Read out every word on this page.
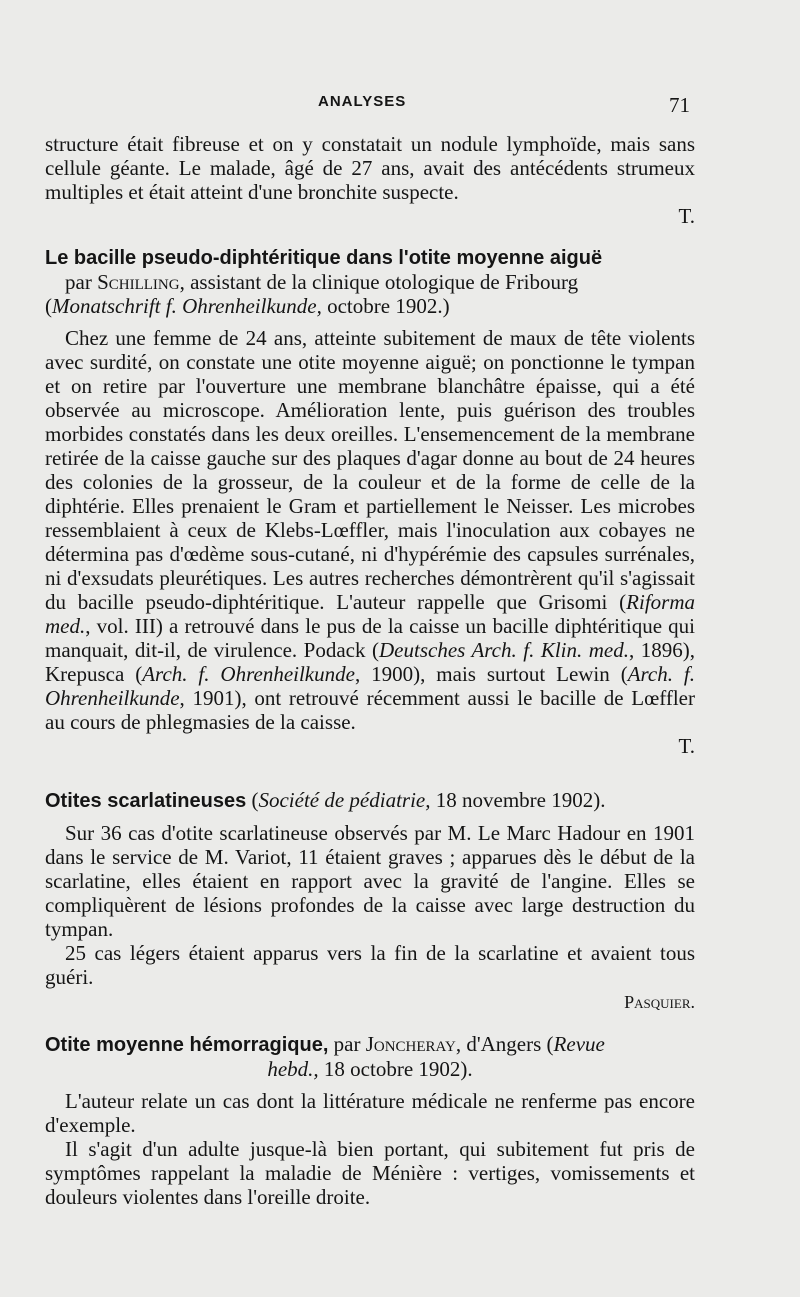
ANALYSES	71

structure était fibreuse et on y constatait un nodule lymphoïde, mais sans cellule géante. Le malade, âgé de 27 ans, avait des antécédents strumeux multiples et était atteint d'une bronchite suspecte.

T.

Le bacille pseudo-diphtéritique dans l'otite moyenne aiguë

par Schilling, assistant de la clinique otologique de Fribourg

(Monatschrift f. Ohrenheilkunde, octobre 1902.)

Chez une femme de 24 ans, atteinte subitement de maux de tête violents avec surdité, on constate une otite moyenne aiguë; on ponctionne le tympan et on retire par l'ouverture une membrane blanchâtre épaisse, qui a été observée au microscope. Amélioration lente, puis guérison des troubles morbides constatés dans les deux oreilles. L'ensemencement de la membrane retirée de la caisse gauche sur des plaques d'agar donne au bout de 24 heures des colonies de la grosseur, de la couleur et de la forme de celle de la diphtérie. Elles prenaient le Gram et partiellement le Neisser. Les microbes ressemblaient à ceux de Klebs-Lœffler, mais l'inoculation aux cobayes ne détermina pas d'œdème sous-cutané, ni d'hypérémie des capsules surrénales, ni d'exsudats pleurétiques. Les autres recherches démontrèrent qu'il s'agissait du bacille pseudo-diphtéritique. L'auteur rappelle que Grisomi (Riforma med., vol. III) a retrouvé dans le pus de la caisse un bacille diphtéritique qui manquait, dit-il, de virulence. Podack (Deutsches Arch. f. Klin. med., 1896), Krepusca (Arch. f. Ohrenheilkunde, 1900), mais surtout Lewin (Arch. f. Ohrenheilkunde, 1901), ont retrouvé récemment aussi le bacille de Lœffler au cours de phlegmasies de la caisse.

T.

Otites scarlatineuses (Société de pédiatrie, 18 novembre 1902).

Sur 36 cas d'otite scarlatineuse observés par M. Le Marc Hadour en 1901 dans le service de M. Variot, 11 étaient graves ; apparues dès le début de la scarlatine, elles étaient en rapport avec la gravité de l'angine. Elles se compliquèrent de lésions profondes de la caisse avec large destruction du tympan.

25 cas légers étaient apparus vers la fin de la scarlatine et avaient tous guéri.

Pasquier.

Otite moyenne hémorragique, par Joncheray, d'Angers (Revue

hebd., 18 octobre 1902).

L'auteur relate un cas dont la littérature médicale ne renferme pas encore d'exemple.

Il s'agit d'un adulte jusque-là bien portant, qui subitement fut pris de symptômes rappelant la maladie de Ménière : vertiges, vomissements et douleurs violentes dans l'oreille droite.
